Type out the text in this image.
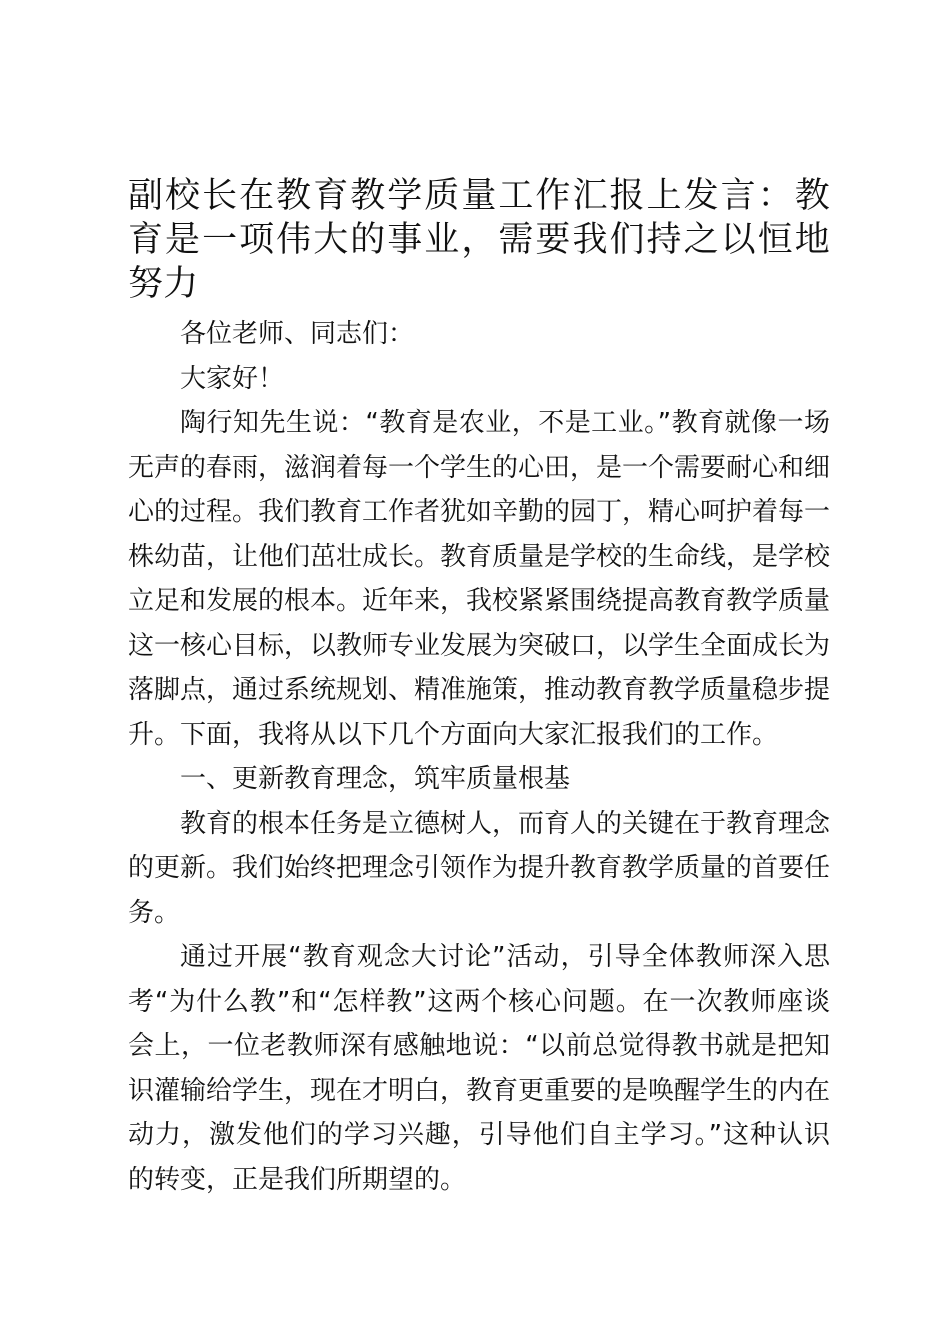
副校长在教育教学质量工作汇报上发言：教育是一项伟大的事业，需要我们持之以恒地努力

各位老师、同志们：

大家好！

陶行知先生说：“教育是农业，不是工业。”教育就像一场无声的春雨，滋润着每一个学生的心田，是一个需要耐心和细心的过程。我们教育工作者犹如辛勤的园丁，精心呵护着每一株幼苗，让他们茁壮成长。教育质量是学校的生命线，是学校立足和发展的根本。近年来，我校紧紧围绕提高教育教学质量这一核心目标，以教师专业发展为突破口，以学生全面成长为落脚点，通过系统规划、精准施策，推动教育教学质量稳步提升。下面，我将从以下几个方面向大家汇报我们的工作。

一、更新教育理念，筑牢质量根基

教育的根本任务是立德树人，而育人的关键在于教育理念的更新。我们始终把理念引领作为提升教育教学质量的首要任务。

通过开展“教育观念大讨论”活动，引导全体教师深入思考“为什么教”和“怎样教”这两个核心问题。在一次教师座谈会上，一位老教师深有感触地说：“以前总觉得教书就是把知识灌输给学生，现在才明白，教育更重要的是唤醒学生的内在动力，激发他们的学习兴趣，引导他们自主学习。”这种认识的转变，正是我们所期望的。
